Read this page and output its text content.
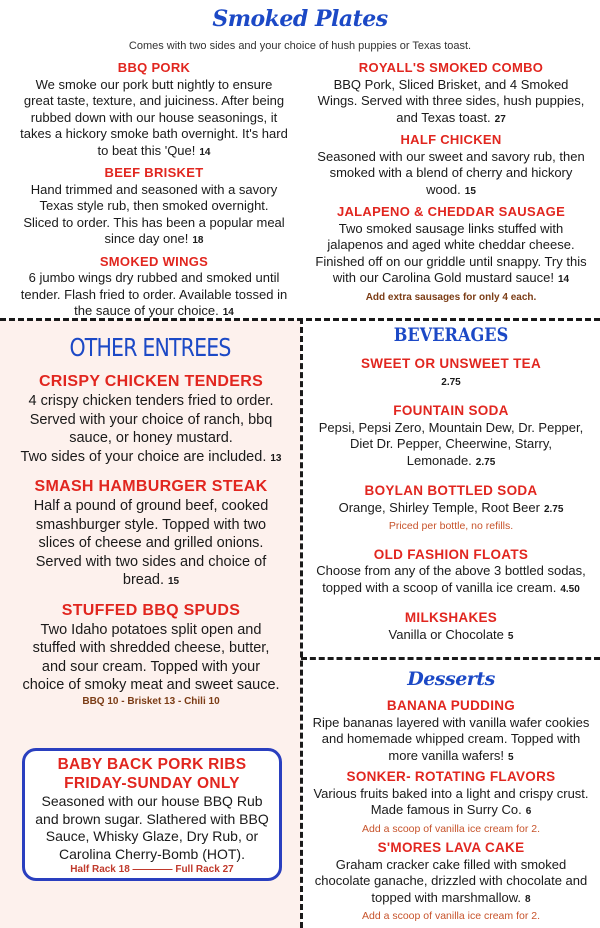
Smoked Plates
Comes with two sides and your choice of hush puppies or Texas toast.
BBQ PORK
We smoke our pork butt nightly to ensure great taste, texture, and juiciness. After being rubbed down with our house seasonings, it takes a hickory smoke bath overnight. It's hard to beat this 'Que! 14
BEEF BRISKET
Hand trimmed and seasoned with a savory Texas style rub, then smoked overnight. Sliced to order. This has been a popular meal since day one! 18
SMOKED WINGS
6 jumbo wings dry rubbed and smoked until tender. Flash fried to order. Available tossed in the sauce of your choice. 14
ROYALL'S SMOKED COMBO
BBQ Pork, Sliced Brisket, and 4 Smoked Wings. Served with three sides, hush puppies, and Texas toast. 27
HALF CHICKEN
Seasoned with our sweet and savory rub, then smoked with a blend of cherry and hickory wood. 15
JALAPENO & CHEDDAR SAUSAGE
Two smoked sausage links stuffed with jalapenos and aged white cheddar cheese. Finished off on our griddle until snappy. Try this with our Carolina Gold mustard sauce! 14
Add extra sausages for only 4 each.
OTHER ENTREES
CRISPY CHICKEN TENDERS
4 crispy chicken tenders fried to order. Served with your choice of ranch, bbq sauce, or honey mustard.
Two sides of your choice are included. 13
SMASH HAMBURGER STEAK
Half a pound of ground beef, cooked smashburger style. Topped with two slices of cheese and grilled onions. Served with two sides and choice of bread. 15
STUFFED BBQ SPUDS
Two Idaho potatoes split open and stuffed with shredded cheese, butter, and sour cream. Topped with your choice of smoky meat and sweet sauce.
BBQ 10 - Brisket 13 - Chili 10
BABY BACK PORK RIBS
FRIDAY-SUNDAY ONLY
Seasoned with our house BBQ Rub and brown sugar. Slathered with BBQ Sauce, Whisky Glaze, Dry Rub, or Carolina Cherry-Bomb (HOT).
Half Rack 18 ———— Full Rack 27
BEVERAGES
SWEET OR UNSWEET TEA
2.75
FOUNTAIN SODA
Pepsi, Pepsi Zero, Mountain Dew, Dr. Pepper, Diet Dr. Pepper, Cheerwine, Starry, Lemonade. 2.75
BOYLAN BOTTLED SODA
Orange, Shirley Temple, Root Beer 2.75
Priced per bottle, no refills.
OLD FASHION FLOATS
Choose from any of the above 3 bottled sodas, topped with a scoop of vanilla ice cream. 4.50
MILKSHAKES
Vanilla or Chocolate 5
Desserts
BANANA PUDDING
Ripe bananas layered with vanilla wafer cookies and homemade whipped cream. Topped with more vanilla wafers! 5
SONKER- ROTATING FLAVORS
Various fruits baked into a light and crispy crust. Made famous in Surry Co. 6
Add a scoop of vanilla ice cream for 2.
S'MORES LAVA CAKE
Graham cracker cake filled with smoked chocolate ganache, drizzled with chocolate and topped with marshmallow. 8
Add a scoop of vanilla ice cream for 2.
